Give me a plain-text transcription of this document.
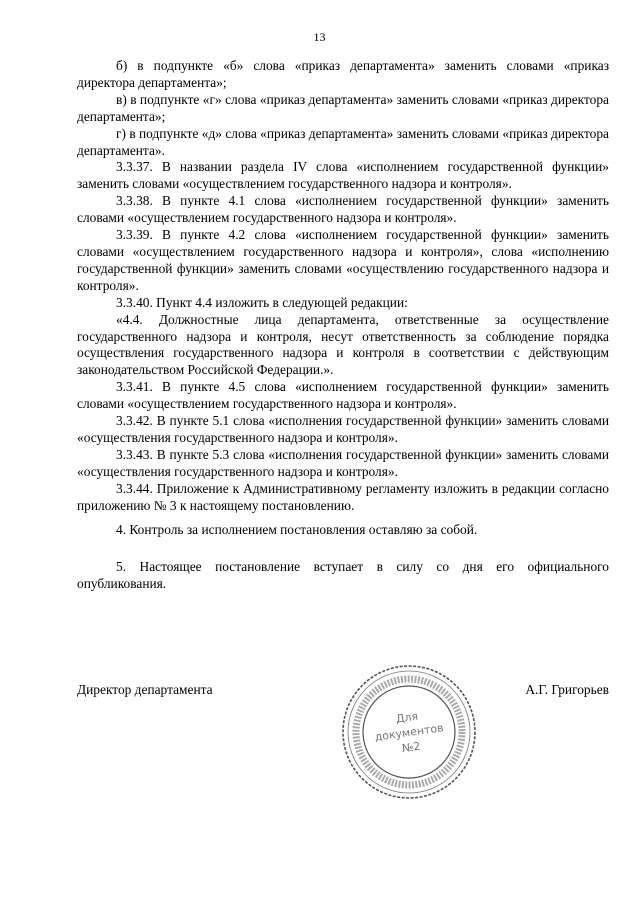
13

б) в подпункте «б» слова «приказ департамента» заменить словами «приказ директора департамента»;

в) в подпункте «г» слова «приказ департамента» заменить словами «приказ директора департамента»;

г) в подпункте «д» слова «приказ департамента» заменить словами «приказ директора департамента».

3.3.37. В названии раздела IV слова «исполнением государственной функции» заменить словами «осуществлением государственного надзора и контроля».

3.3.38. В пункте 4.1 слова «исполнением государственной функции» заменить словами «осуществлением государственного надзора и контроля».

3.3.39. В пункте 4.2 слова «исполнением государственной функции» заменить словами «осуществлением государственного надзора и контроля», слова «исполнению государственной функции» заменить словами «осуществлению государственного надзора и контроля».

3.3.40. Пункт 4.4 изложить в следующей редакции:

«4.4. Должностные лица департамента, ответственные за осуществление государственного надзора и контроля, несут ответственность за соблюдение порядка осуществления государственного надзора и контроля в соответствии с действующим законодательством Российской Федерации.».

3.3.41. В пункте 4.5 слова «исполнением государственной функции» заменить словами «осуществлением государственного надзора и контроля».

3.3.42. В пункте 5.1 слова «исполнения государственной функции» заменить словами «осуществления государственного надзора и контроля».

3.3.43. В пункте 5.3 слова «исполнения государственной функции» заменить словами «осуществления государственного надзора и контроля».

3.3.44. Приложение к Административному регламенту изложить в редакции согласно приложению № 3 к настоящему постановлению.

4. Контроль за исполнением постановления оставляю за собой.

5. Настоящее постановление вступает в силу со дня его официального опубликования.

Директор департамента	А.Г. Григорьев
Для
документов
№2
